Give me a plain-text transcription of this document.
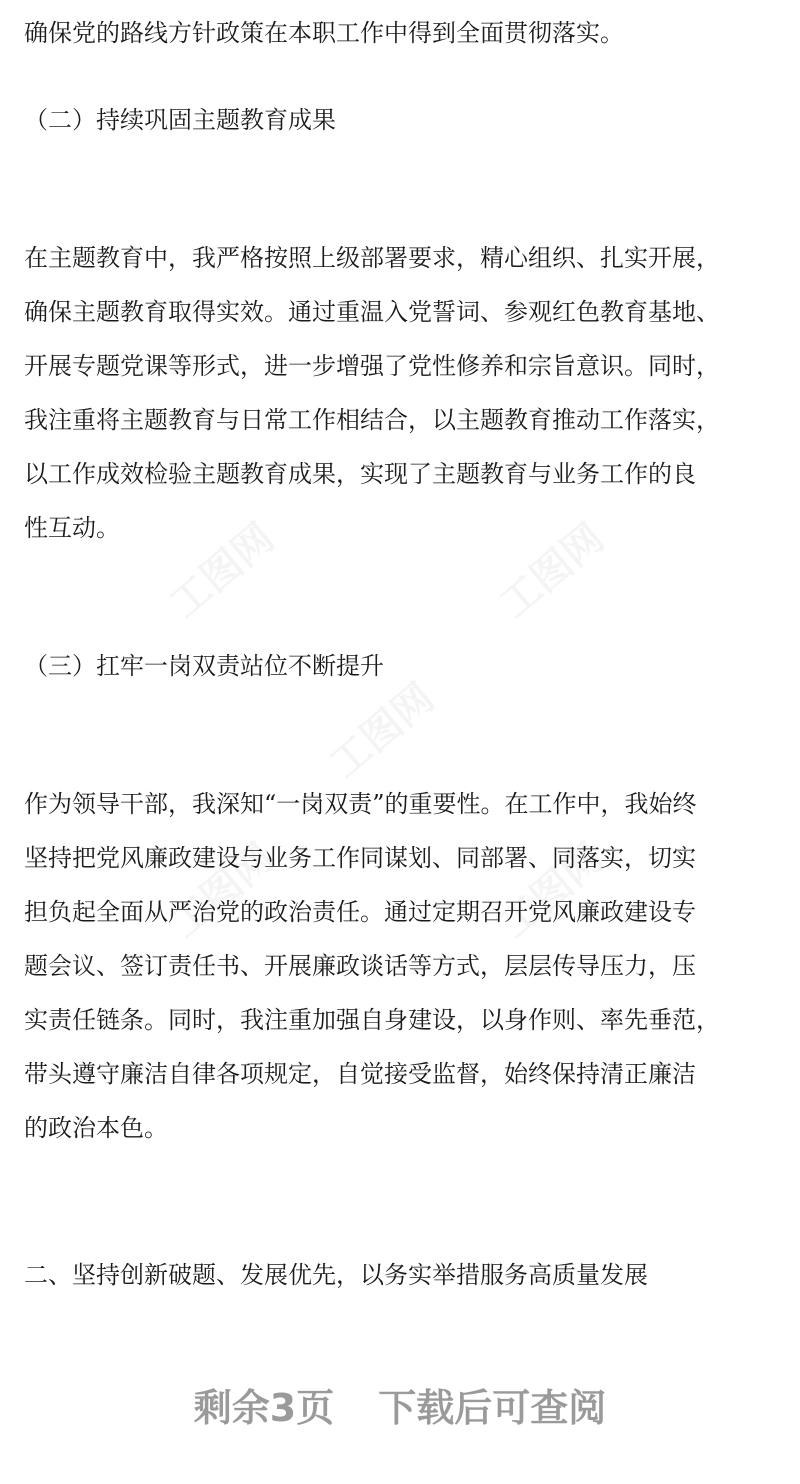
确保党的路线方针政策在本职工作中得到全面贯彻落实。
（二）持续巩固主题教育成果
在主题教育中，我严格按照上级部署要求，精心组织、扎实开展，
确保主题教育取得实效。通过重温入党誓词、参观红色教育基地、
开展专题党课等形式，进一步增强了党性修养和宗旨意识。同时，
我注重将主题教育与日常工作相结合，以主题教育推动工作落实，
以工作成效检验主题教育成果，实现了主题教育与业务工作的良
性互动。
（三）扛牢一岗双责站位不断提升
作为领导干部，我深知“一岗双责”的重要性。在工作中，我始终
坚持把党风廉政建设与业务工作同谋划、同部署、同落实，切实
担负起全面从严治党的政治责任。通过定期召开党风廉政建设专
题会议、签订责任书、开展廉政谈话等方式，层层传导压力，压
实责任链条。同时，我注重加强自身建设，以身作则、率先垂范，
带头遵守廉洁自律各项规定，自觉接受监督，始终保持清正廉洁
的政治本色。
二、坚持创新破题、发展优先，以务实举措服务高质量发展
剩余3页 下载后可查阅
